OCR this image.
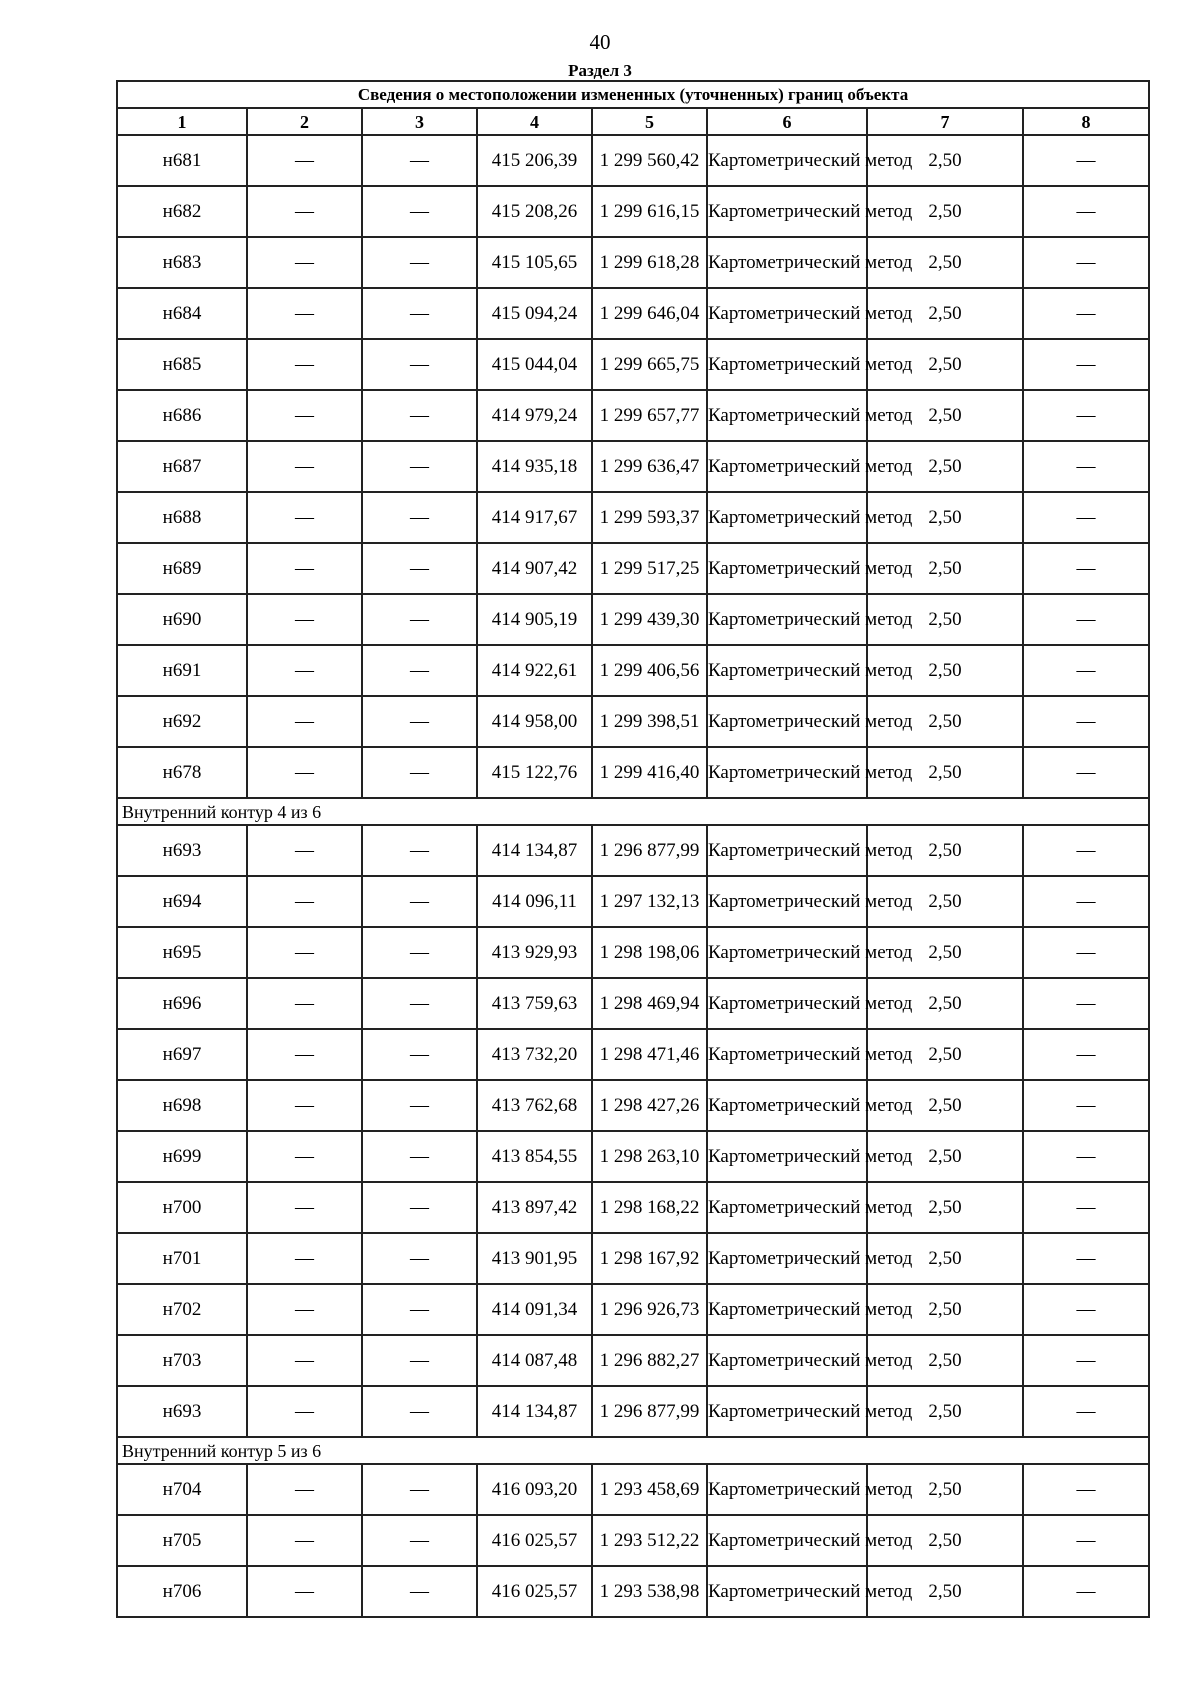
40
Раздел 3
Сведения о местоположении измененных (уточненных) границ объекта							
1	2	3	4	5	6	7	8
н681	—	—	415 206,39	1 299 560,42	Картометрический метод	2,50	—
н682	—	—	415 208,26	1 299 616,15	Картометрический метод	2,50	—
н683	—	—	415 105,65	1 299 618,28	Картометрический метод	2,50	—
н684	—	—	415 094,24	1 299 646,04	Картометрический метод	2,50	—
н685	—	—	415 044,04	1 299 665,75	Картометрический метод	2,50	—
н686	—	—	414 979,24	1 299 657,77	Картометрический метод	2,50	—
н687	—	—	414 935,18	1 299 636,47	Картометрический метод	2,50	—
н688	—	—	414 917,67	1 299 593,37	Картометрический метод	2,50	—
н689	—	—	414 907,42	1 299 517,25	Картометрический метод	2,50	—
н690	—	—	414 905,19	1 299 439,30	Картометрический метод	2,50	—
н691	—	—	414 922,61	1 299 406,56	Картометрический метод	2,50	—
н692	—	—	414 958,00	1 299 398,51	Картометрический метод	2,50	—
н678	—	—	415 122,76	1 299 416,40	Картометрический метод	2,50	—
Внутренний контур 4 из 6							
н693	—	—	414 134,87	1 296 877,99	Картометрический метод	2,50	—
н694	—	—	414 096,11	1 297 132,13	Картометрический метод	2,50	—
н695	—	—	413 929,93	1 298 198,06	Картометрический метод	2,50	—
н696	—	—	413 759,63	1 298 469,94	Картометрический метод	2,50	—
н697	—	—	413 732,20	1 298 471,46	Картометрический метод	2,50	—
н698	—	—	413 762,68	1 298 427,26	Картометрический метод	2,50	—
н699	—	—	413 854,55	1 298 263,10	Картометрический метод	2,50	—
н700	—	—	413 897,42	1 298 168,22	Картометрический метод	2,50	—
н701	—	—	413 901,95	1 298 167,92	Картометрический метод	2,50	—
н702	—	—	414 091,34	1 296 926,73	Картометрический метод	2,50	—
н703	—	—	414 087,48	1 296 882,27	Картометрический метод	2,50	—
н693	—	—	414 134,87	1 296 877,99	Картометрический метод	2,50	—
Внутренний контур 5 из 6							
н704	—	—	416 093,20	1 293 458,69	Картометрический метод	2,50	—
н705	—	—	416 025,57	1 293 512,22	Картометрический метод	2,50	—
н706	—	—	416 025,57	1 293 538,98	Картометрический метод	2,50	—
